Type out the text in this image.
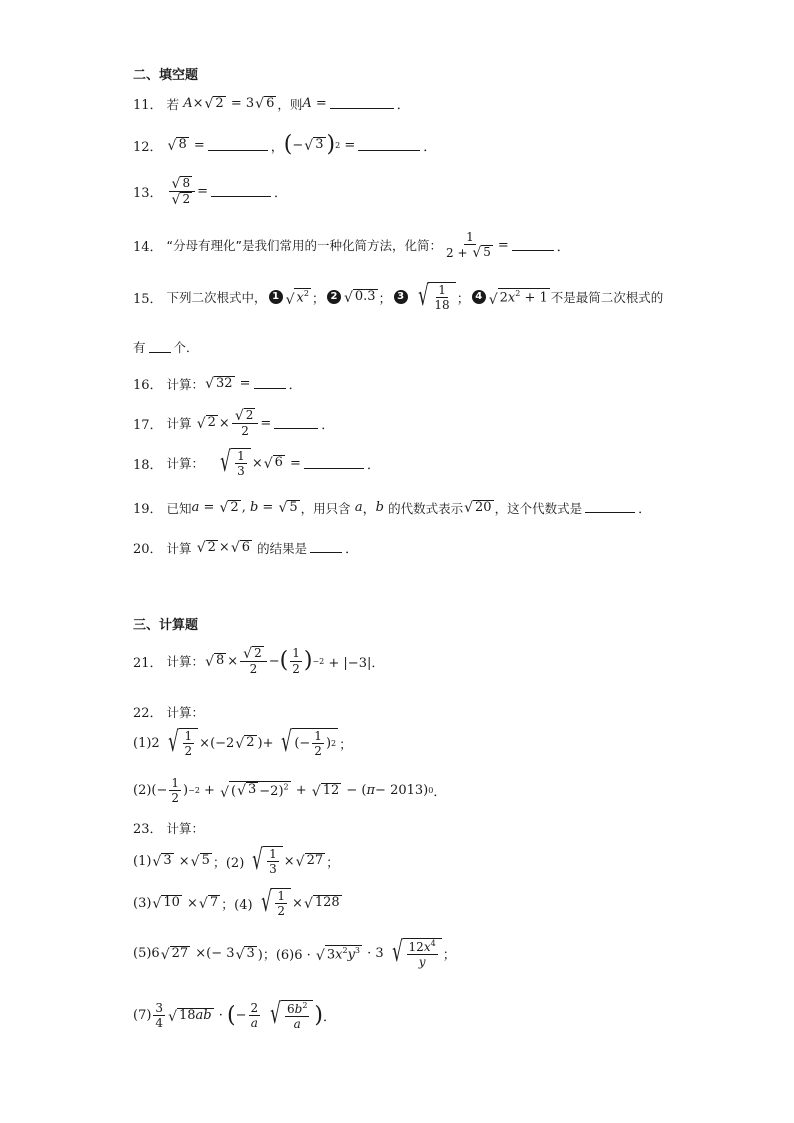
二、填空题
11． 若 A × √ 2 = 3 √ 6 ，则 A =	．
12． √ 8 =	， ( − √ 3 ) 2 =	．
13． $\frac{√ 8}{√ 2}$ =	．
14． “分母有理化”是我们常用的一种化简方法，化简： $\frac{1}{2 + √ 5}$ =	．
15． 下列二次根式中， 1 √ $x^2$ ； 2 √ 0.3 ； 3 √ $\frac{1}{18}$ ； 4 √ $2x^2 + 1$ 不是最简二次根式的
有 个．
16． 计算： √ 32 =	．
17． 计算
√ $2 \times \frac{√ 2}{2}$ =	．
18． 计算：
√ $\frac{1}{3}$ × √ 6 =	．
19． 已知 a = √ 2 , b = √ 5 ，用只含
a ， b
的代数式表示 √ 20 ，这个代数式是	．
20． 计算
√ 2 × √ 6
的结果是	．
三、计算题
21． 计算： √ $8 \times \frac{√ 2}{2}$ − ( $\frac{1}{2}$ ) −2 + |−3|．
22． 计算：
(1)2 √ $\frac{1}{2} \times(-2$ √ 2 )+ √ (− $\frac{1}{2}$ ) 2 ；
$(2)(- \frac{1}{2}$ ) −2 + √ ( √ 3 −2)$^2$ + √ 12 − ( π − 2013) 0 ．
23． 计算：
(1) √ 3 × √ 5 ；(2) √ $\frac{1}{3}$ × √ 27 ；
(3) √ 10 × √ 7 ；(4) √ $\frac{1}{2}$ × √ 128
(5)6 √ 27 ×(− 3 √ 3 )；(6)6 · √ $3x^2y^3 \cdot 3$ √ $\frac{12x^4}{y}$ ；
$(7) \frac{3}{4}$ √ 18ab · ( − $\frac{2}{a}$ √ $\frac{6b^2}{a}$ ) ．
